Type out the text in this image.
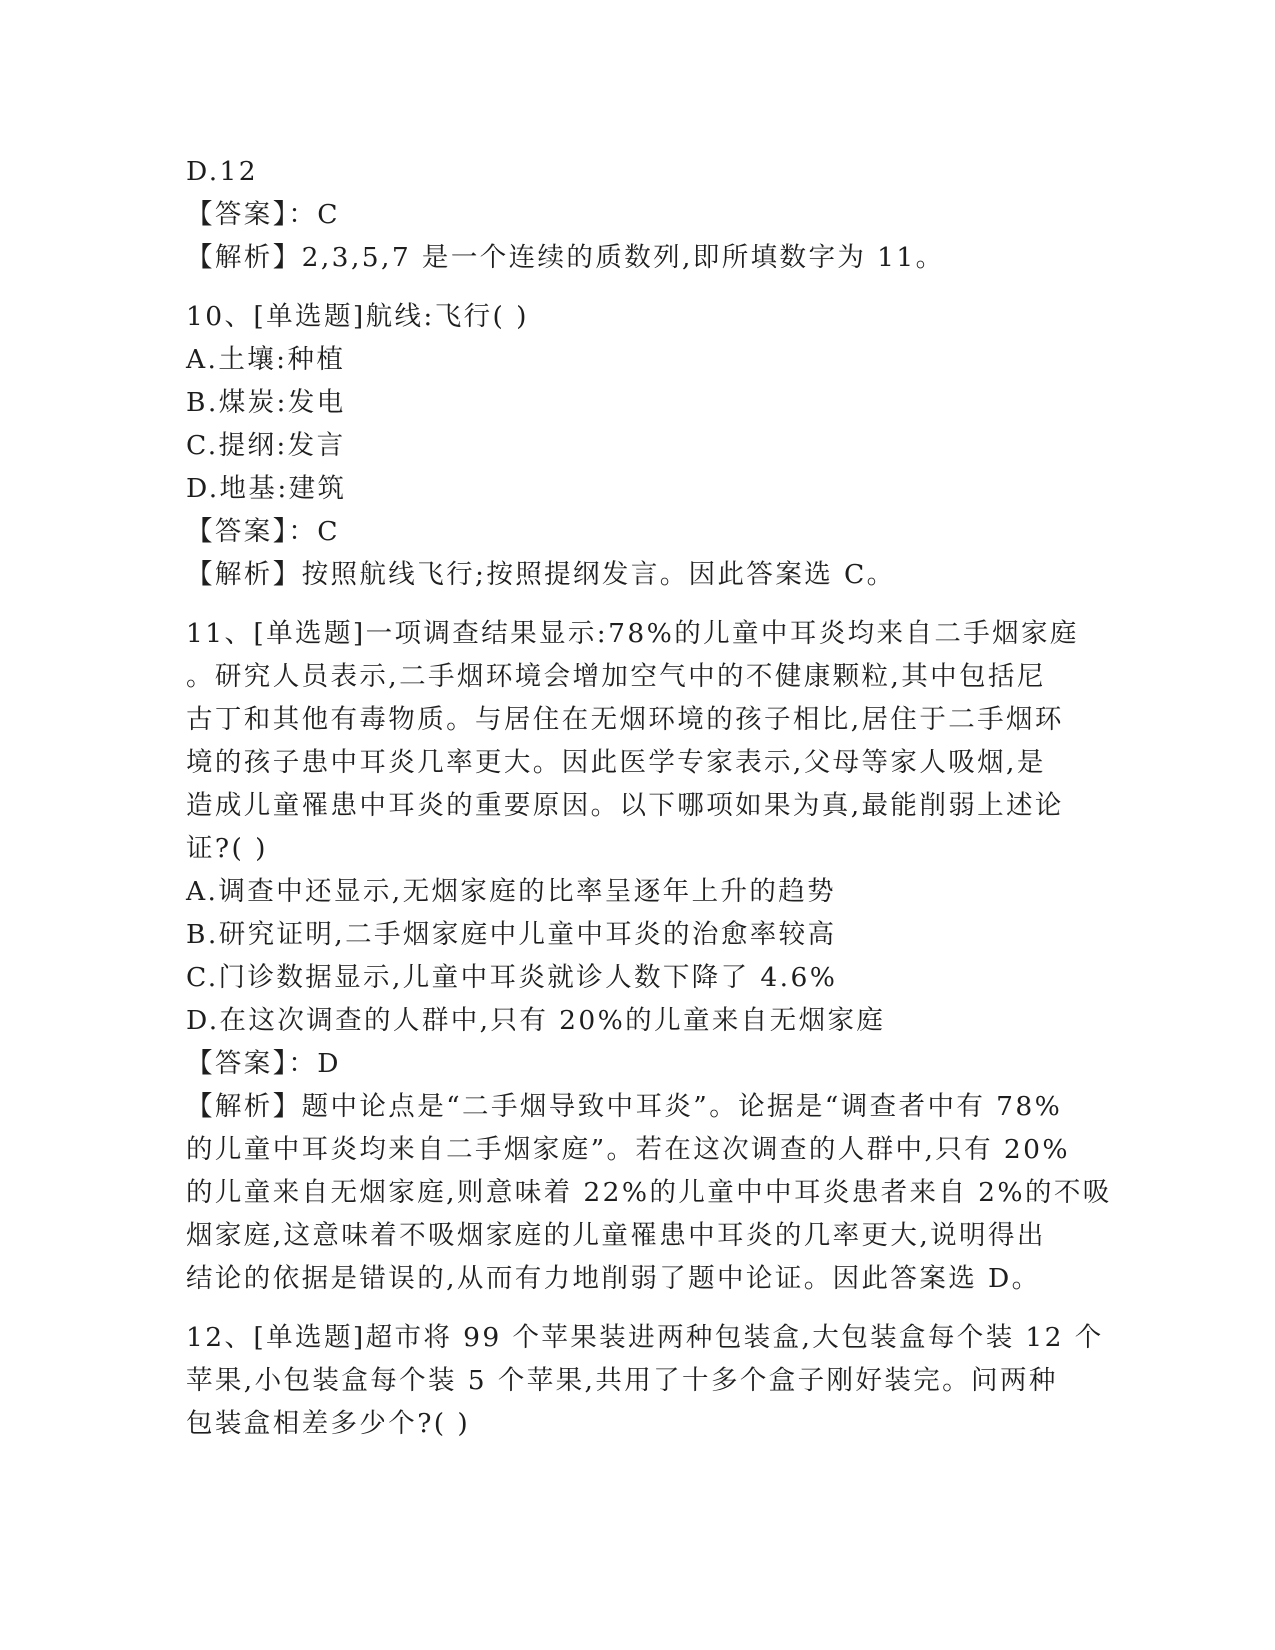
D.12
【答案】：C
【解析】2,3,5,7 是一个连续的质数列,即所填数字为 11。
10、[单选题]航线:飞行( )
A.土壤:种植
B.煤炭:发电
C.提纲:发言
D.地基:建筑
【答案】：C
【解析】按照航线飞行;按照提纲发言。因此答案选 C。
11、[单选题]一项调查结果显示:78%的儿童中耳炎均来自二手烟家庭
。研究人员表示,二手烟环境会增加空气中的不健康颗粒,其中包括尼
古丁和其他有毒物质。与居住在无烟环境的孩子相比,居住于二手烟环
境的孩子患中耳炎几率更大。因此医学专家表示,父母等家人吸烟,是
造成儿童罹患中耳炎的重要原因。以下哪项如果为真,最能削弱上述论
证?( )
A.调查中还显示,无烟家庭的比率呈逐年上升的趋势
B.研究证明,二手烟家庭中儿童中耳炎的治愈率较高
C.门诊数据显示,儿童中耳炎就诊人数下降了 4.6%
D.在这次调查的人群中,只有 20%的儿童来自无烟家庭
【答案】：D
【解析】题中论点是“二手烟导致中耳炎”。论据是“调查者中有 78%
的儿童中耳炎均来自二手烟家庭”。若在这次调查的人群中,只有 20%
的儿童来自无烟家庭,则意味着 22%的儿童中中耳炎患者来自 2%的不吸
烟家庭,这意味着不吸烟家庭的儿童罹患中耳炎的几率更大,说明得出
结论的依据是错误的,从而有力地削弱了题中论证。因此答案选 D。
12、[单选题]超市将 99 个苹果装进两种包装盒,大包装盒每个装 12 个
苹果,小包装盒每个装 5 个苹果,共用了十多个盒子刚好装完。问两种
包装盒相差多少个?( )
